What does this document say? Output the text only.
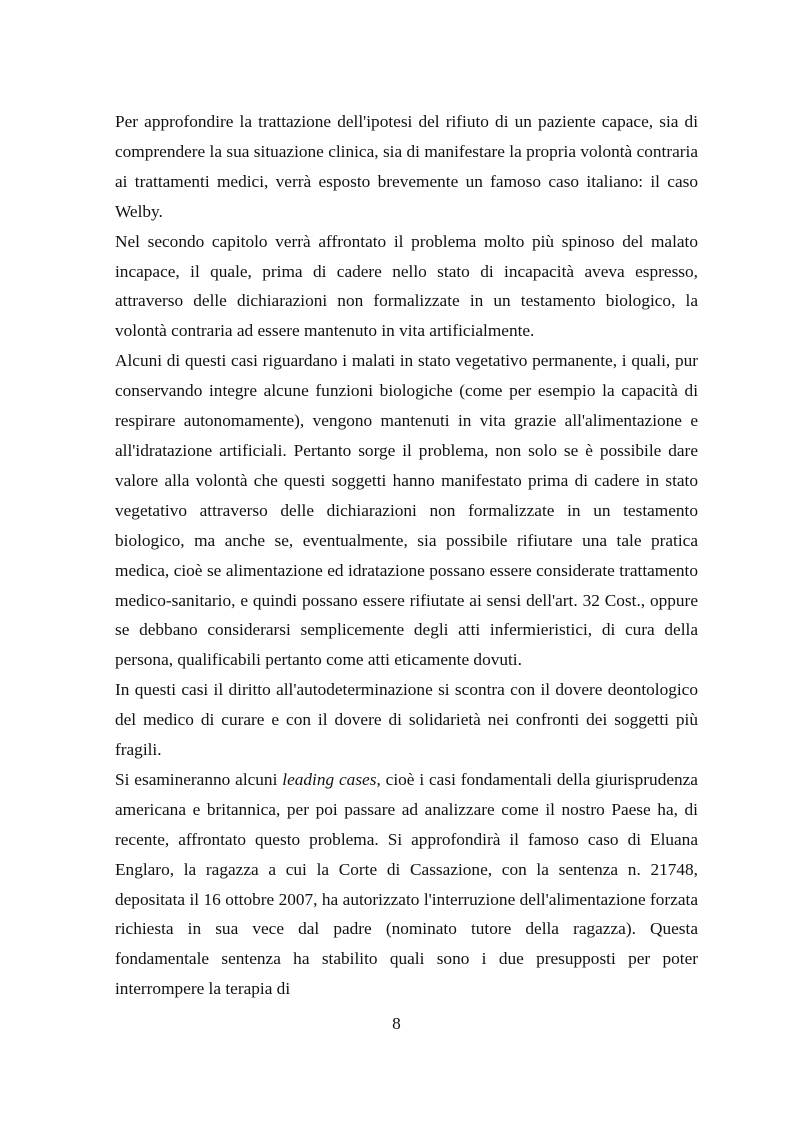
Per approfondire la trattazione dell'ipotesi del rifiuto di un paziente capace, sia di comprendere la sua situazione clinica, sia di manifestare la propria volontà contraria ai trattamenti medici, verrà esposto brevemente un famoso caso italiano: il caso Welby.

Nel secondo capitolo verrà affrontato il problema molto più spinoso del malato incapace, il quale, prima di cadere nello stato di incapacità aveva espresso, attraverso delle dichiarazioni non formalizzate in un testamento biologico, la volontà contraria ad essere mantenuto in vita artificialmente.

Alcuni di questi casi riguardano i malati in stato vegetativo permanente, i quali, pur conservando integre alcune funzioni biologiche (come per esempio la capacità di respirare autonomamente), vengono mantenuti in vita grazie all'alimentazione e all'idratazione artificiali. Pertanto sorge il problema, non solo se è possibile dare valore alla volontà che questi soggetti hanno manifestato prima di cadere in stato vegetativo attraverso delle dichiarazioni non formalizzate in un testamento biologico, ma anche se, eventualmente, sia possibile rifiutare una tale pratica medica, cioè se alimentazione ed idratazione possano essere considerate trattamento medico-sanitario, e quindi possano essere rifiutate ai sensi dell'art. 32 Cost., oppure se debbano considerarsi semplicemente degli atti infermieristici, di cura della persona, qualificabili pertanto come atti eticamente dovuti.

In questi casi il diritto all'autodeterminazione si scontra con il dovere deontologico del medico di curare e con il dovere di solidarietà nei confronti dei soggetti più fragili.

Si esamineranno alcuni leading cases, cioè i casi fondamentali della giurisprudenza americana e britannica, per poi passare ad analizzare come il nostro Paese ha, di recente, affrontato questo problema. Si approfondirà il famoso caso di Eluana Englaro, la ragazza a cui la Corte di Cassazione, con la sentenza n. 21748, depositata il 16 ottobre 2007, ha autorizzato l'interruzione dell'alimentazione forzata richiesta in sua vece dal padre (nominato tutore della ragazza). Questa fondamentale sentenza ha stabilito quali sono i due presupposti per poter interrompere la terapia di

8
